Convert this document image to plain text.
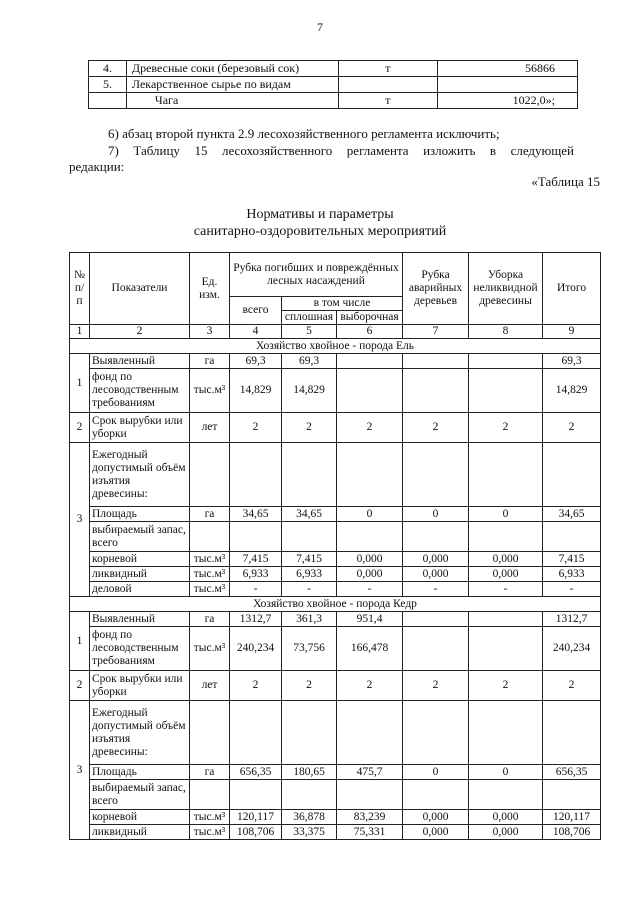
7
4.	Древесные соки (березовый сок)	т	56866
5.	Лекарственное сырье по видам		
	Чага	т	1022,0»;
6) абзац второй пункта 2.9 лесохозяйственного регламента исключить;
7) Таблицу 15 лесохозяйственного регламента изложить в следующей
редакции:
«Таблица 15
Нормативы и параметры
санитарно-оздоровительных мероприятий
№ п/п	Показатели	Ед. изм.	Рубка погибших и повреждённых лесных насаждений			Рубка аварийных деревьев	Уборка неликвидной древесины	Итого
			всего	в том числе				
				сплошная	выборочная			
1	2	3	4	5	6	7	8	9
Хозяйство хвойное - порода Ель								
1	Выявленный	га	69,3	69,3				69,3
	фонд по лесоводственным требованиям	тыс.м³	14,829	14,829				14,829
2	Срок вырубки или уборки	лет	2	2	2	2	2	2
3	Ежегодный допустимый объём изъятия древесины:							
	Площадь	га	34,65	34,65	0	0	0	34,65
	выбираемый запас, всего							
	корневой	тыс.м³	7,415	7,415	0,000	0,000	0,000	7,415
	ликвидный	тыс.м³	6,933	6,933	0,000	0,000	0,000	6,933
	деловой	тыс.м³	-	-	-	-	-	-
Хозяйство хвойное - порода Кедр								
1	Выявленный	га	1312,7	361,3	951,4			1312,7
	фонд по лесоводственным требованиям	тыс.м³	240,234	73,756	166,478			240,234
2	Срок вырубки или уборки	лет	2	2	2	2	2	2
3	Ежегодный допустимый объём изъятия древесины:							
	Площадь	га	656,35	180,65	475,7	0	0	656,35
	выбираемый запас, всего							
	корневой	тыс.м³	120,117	36,878	83,239	0,000	0,000	120,117
	ликвидный	тыс.м³	108,706	33,375	75,331	0,000	0,000	108,706
